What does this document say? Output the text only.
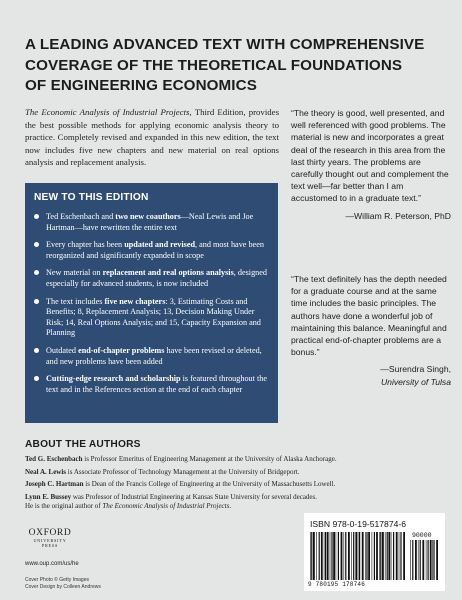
A LEADING ADVANCED TEXT WITH COMPREHENSIVE
COVERAGE OF THE THEORETICAL FOUNDATIONS
OF ENGINEERING ECONOMICS
The Economic Analysis of Industrial Projects, Third Edition, provides the best possible methods for applying economic analysis theory to practice. Completely revised and expanded in this new edition, the text now includes five new chapters and new material on real options analysis and replacement analysis.
NEW TO THIS EDITION
Ted Eschenbach and two new coauthors—Neal Lewis and Joe Hartman—have rewritten the entire text
Every chapter has been updated and revised, and most have been reorganized and significantly expanded in scope
New material on replacement and real options analysis, designed especially for advanced students, is now included
The text includes five new chapters: 3, Estimating Costs and Benefits; 8, Replacement Analysis; 13, Decision Making Under Risk; 14, Real Options Analysis; and 15, Capacity Expansion and Planning
Outdated end-of-chapter problems have been revised or deleted, and new problems have been added
Cutting-edge research and scholarship is featured throughout the text and in the References section at the end of each chapter
“The theory is good, well presented, and well referenced with good problems. The material is new and incorporates a great deal of the research in this area from the last thirty years. The problems are carefully thought out and complement the text well—far better than I am accustomed to in a graduate text.”
—William R. Peterson, PhD
“The text definitely has the depth needed for a graduate course and at the same time includes the basic principles. The authors have done a wonderful job of maintaining this balance. Meaningful and practical end-of-chapter problems are a bonus.”
—Surendra Singh,
University of Tulsa
ABOUT THE AUTHORS

Ted G. Eschenbach is Professor Emeritus of Engineering Management at the University of Alaska Anchorage.

Neal A. Lewis is Associate Professor of Technology Management at the University of Bridgeport.

Joseph C. Hartman is Dean of the Francis College of Engineering at the University of Massachusetts Lowell.

Lynn E. Bussey was Professor of Industrial Engineering at Kansas State University for several decades.

He is the original author of The Economic Analysis of Industrial Projects.

OXFORD
UNIVERSITY PRESS
www.oup.com/us/he
Cover Photo © Getty Images
Cover Design by Colleen Andrews
ISBN 978-0-19-517874-6
90000
9 780195 178746
